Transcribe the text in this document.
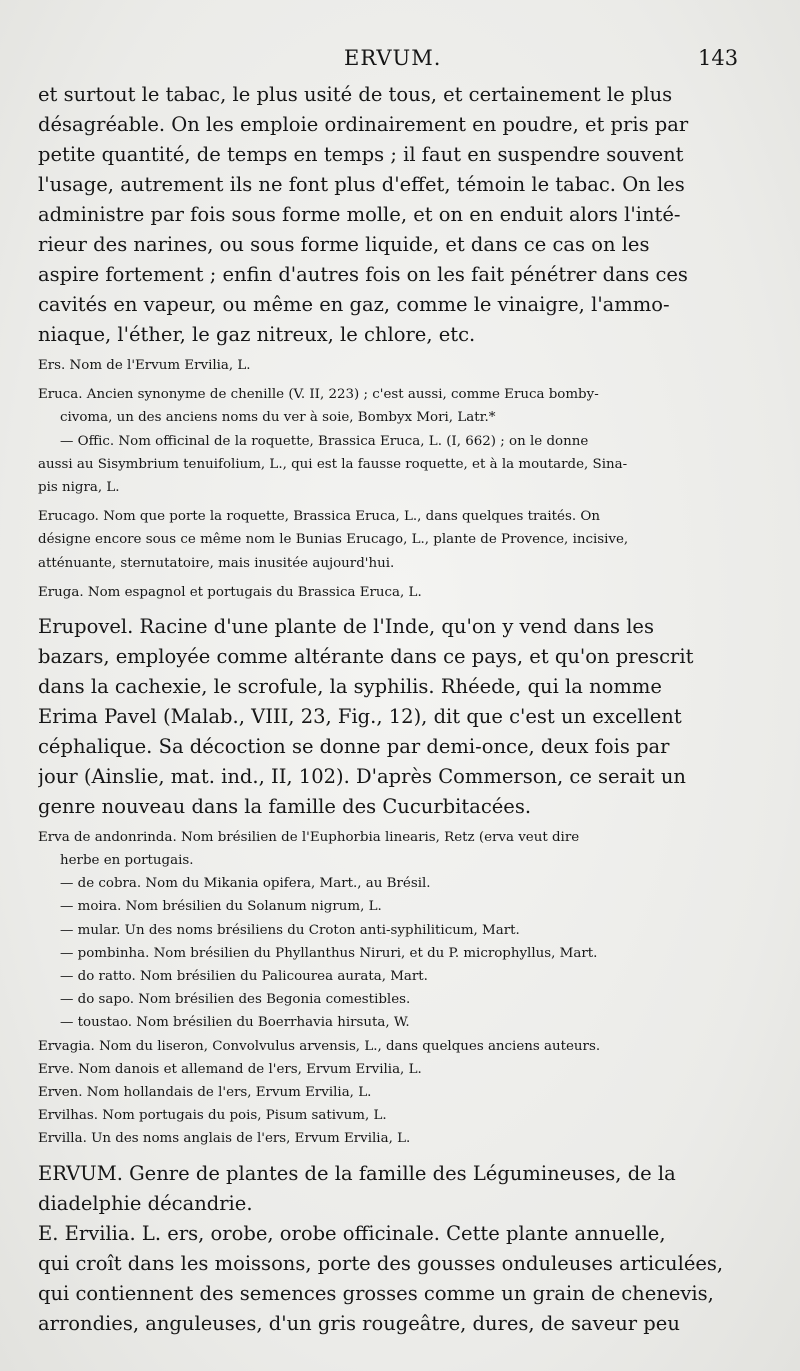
ERVUM.	143
et surtout le tabac, le plus usité de tous, et certainement le plus
désagréable. On les emploie ordinairement en poudre, et pris par
petite quantité, de temps en temps ; il faut en suspendre souvent
l'usage, autrement ils ne font plus d'effet, témoin le tabac. On les
administre par fois sous forme molle, et on en enduit alors l'inté-
rieur des narines, ou sous forme liquide, et dans ce cas on les
aspire fortement ; enfin d'autres fois on les fait pénétrer dans ces
cavités en vapeur, ou même en gaz, comme le vinaigre, l'ammo-
niaque, l'éther, le gaz nitreux, le chlore, etc.
Ers. Nom de l'Ervum Ervilia, L.
Eruca. Ancien synonyme de chenille (V. II, 223) ; c'est aussi, comme Eruca bomby-
civoma, un des anciens noms du ver à soie, Bombyx Mori, Latr.*
— Offic. Nom officinal de la roquette, Brassica Eruca, L. (I, 662) ; on le donne
aussi au Sisymbrium tenuifolium, L., qui est la fausse roquette, et à la moutarde, Sina-
pis nigra, L.
Erucago. Nom que porte la roquette, Brassica Eruca, L., dans quelques traités. On
désigne encore sous ce même nom le Bunias Erucago, L., plante de Provence, incisive,
atténuante, sternutatoire, mais inusitée aujourd'hui.
Eruga. Nom espagnol et portugais du Brassica Eruca, L.
Erupovel. Racine d'une plante de l'Inde, qu'on y vend dans les
bazars, employée comme altérante dans ce pays, et qu'on prescrit
dans la cachexie, le scrofule, la syphilis. Rhéede, qui la nomme
Erima Pavel (Malab., VIII, 23, Fig., 12), dit que c'est un excellent
céphalique. Sa décoction se donne par demi-once, deux fois par
jour (Ainslie, mat. ind., II, 102). D'après Commerson, ce serait un
genre nouveau dans la famille des Cucurbitacées.
Erva de andonrinda. Nom brésilien de l'Euphorbia linearis, Retz (erva veut dire
herbe en portugais.
— de cobra. Nom du Mikania opifera, Mart., au Brésil.
— moira. Nom brésilien du Solanum nigrum, L.
— mular. Un des noms brésiliens du Croton anti-syphiliticum, Mart.
— pombinha. Nom brésilien du Phyllanthus Niruri, et du P. microphyllus, Mart.
— do ratto. Nom brésilien du Palicourea aurata, Mart.
— do sapo. Nom brésilien des Begonia comestibles.
— toustao. Nom brésilien du Boerrhavia hirsuta, W.
Ervagia. Nom du liseron, Convolvulus arvensis, L., dans quelques anciens auteurs.
Erve. Nom danois et allemand de l'ers, Ervum Ervilia, L.
Erven. Nom hollandais de l'ers, Ervum Ervilia, L.
Ervilhas. Nom portugais du pois, Pisum sativum, L.
Ervilla. Un des noms anglais de l'ers, Ervum Ervilia, L.
ERVUM. Genre de plantes de la famille des Légumineuses, de la
diadelphie décandrie.
E. Ervilia. L. ers, orobe, orobe officinale. Cette plante annuelle,
qui croît dans les moissons, porte des gousses onduleuses articulées,
qui contiennent des semences grosses comme un grain de chenevis,
arrondies, anguleuses, d'un gris rougeâtre, dures, de saveur peu
